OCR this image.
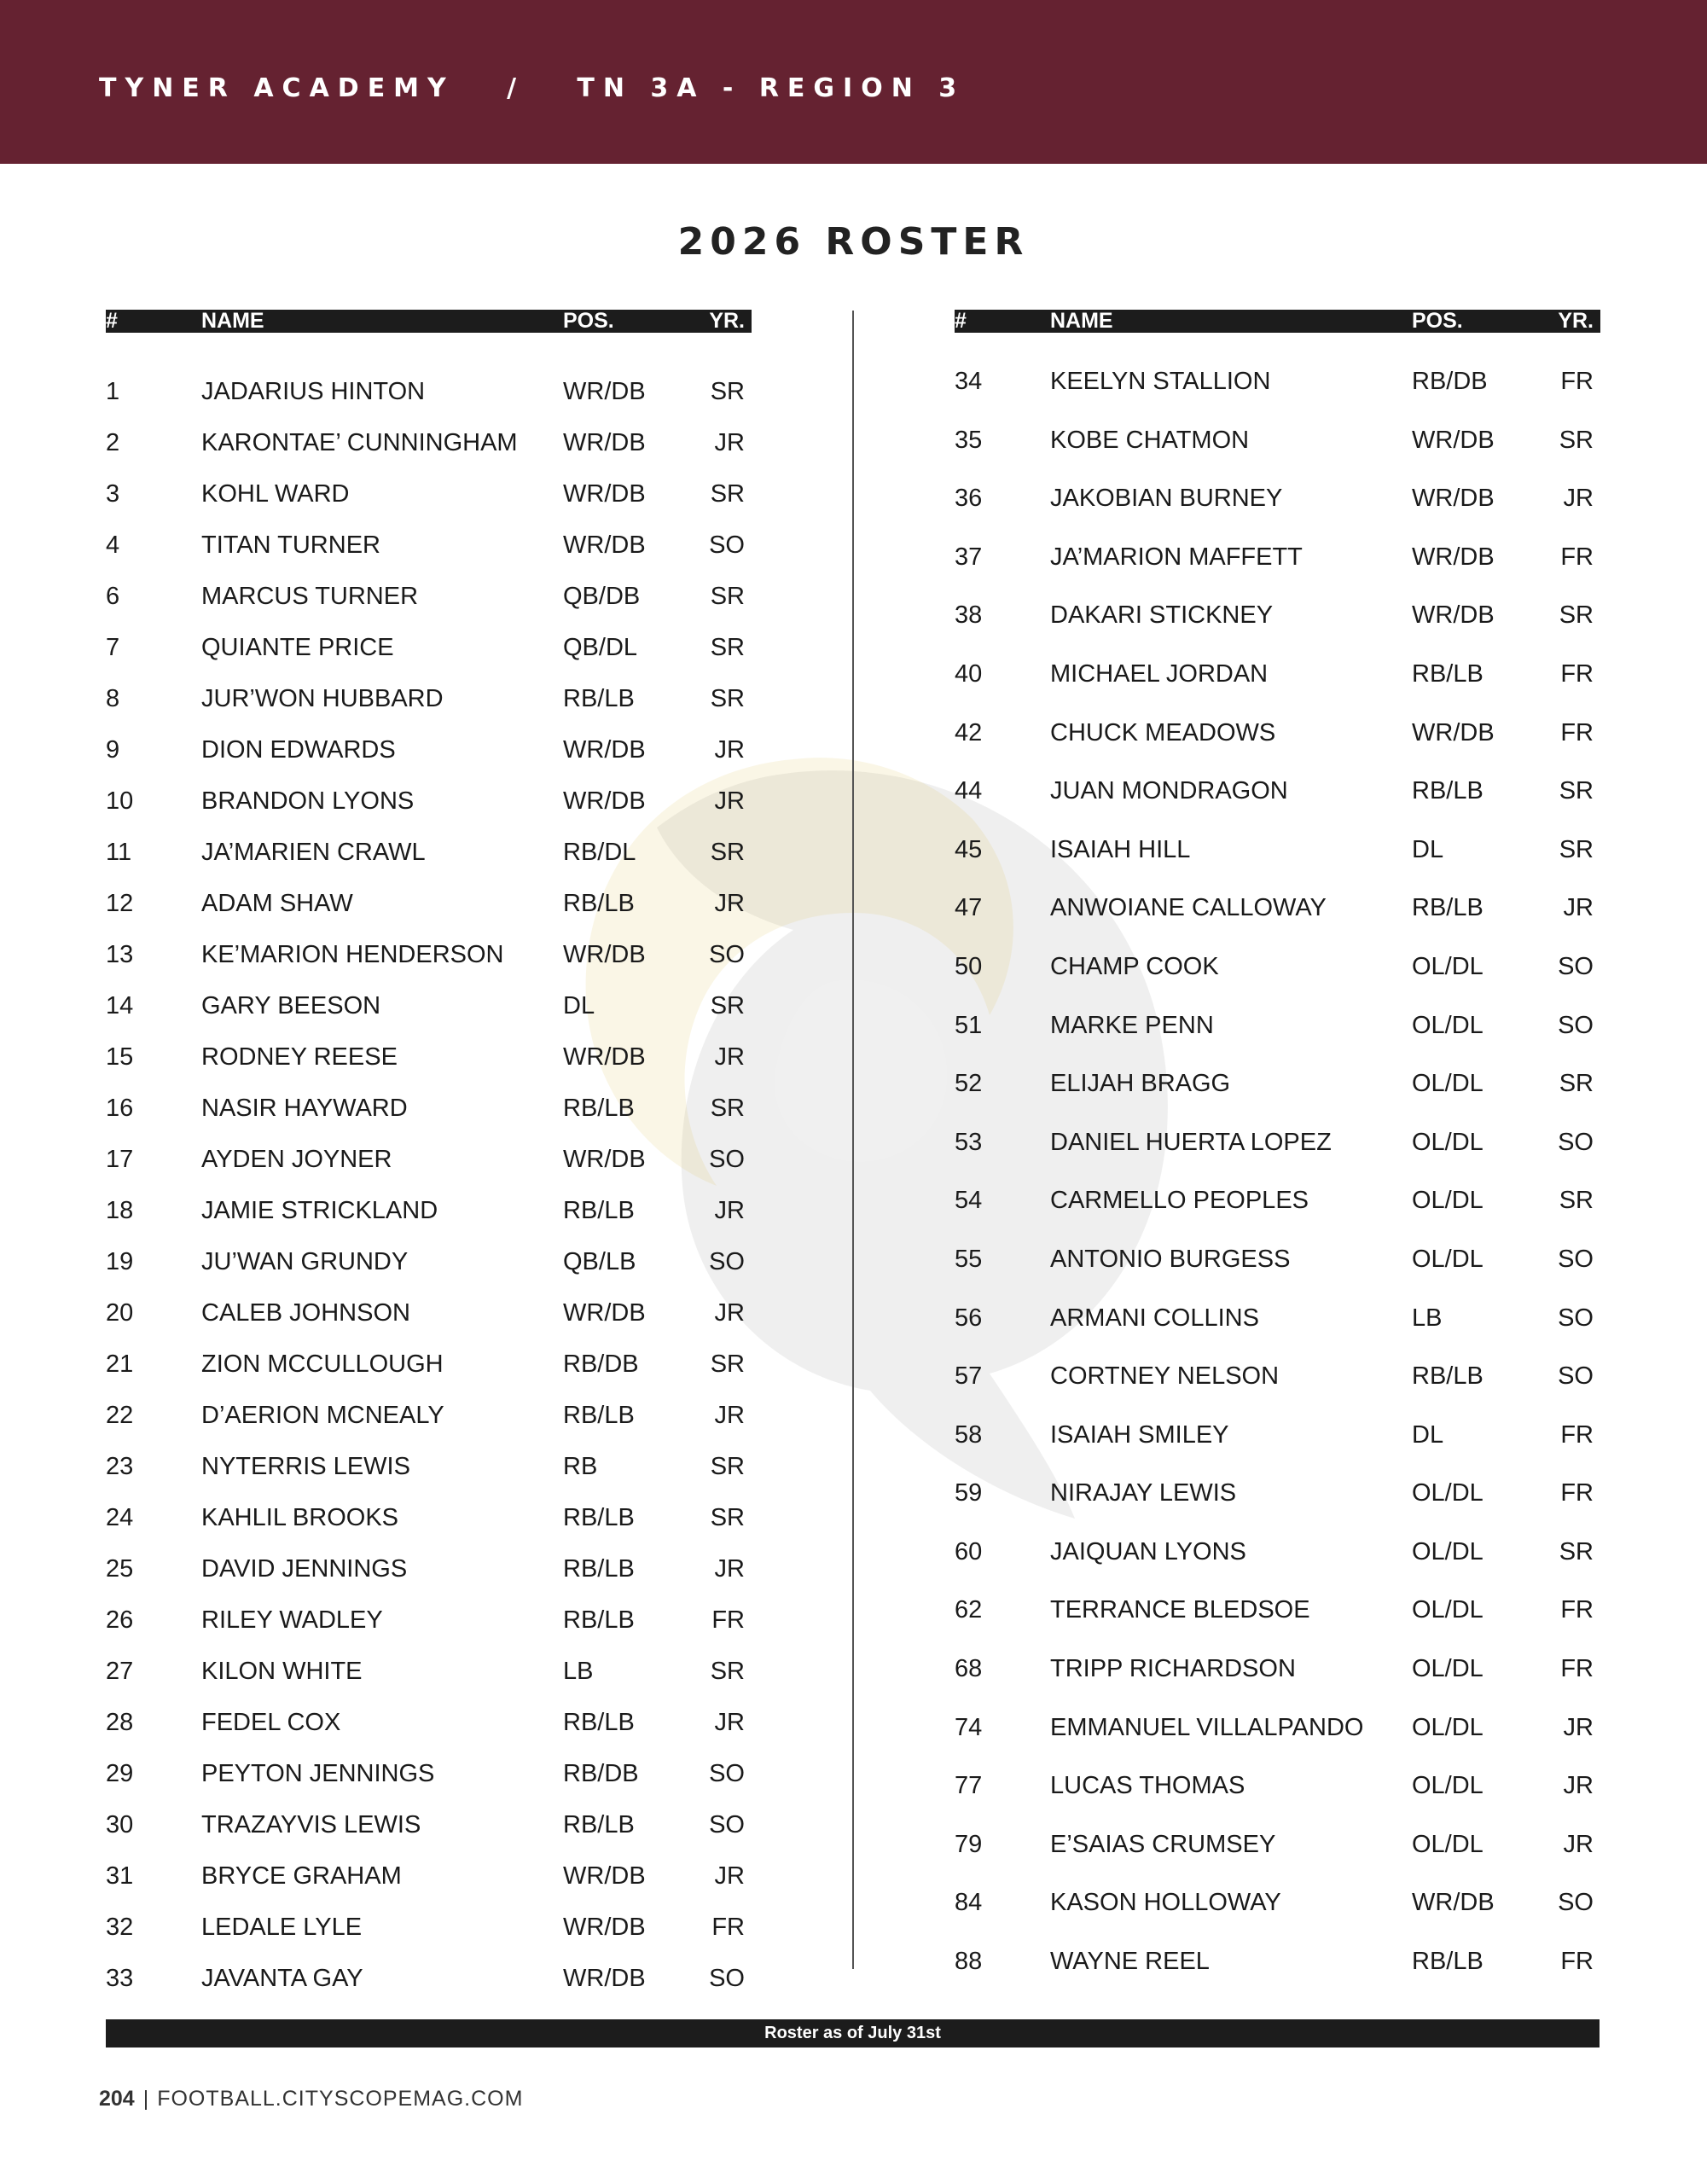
TYNER ACADEMY   /   TN 3A - REGION 3
2026 ROSTER
#	NAME	POS.	YR.
1	JADARIUS HINTON	WR/DB	SR
2	KARONTAE’ CUNNINGHAM WR/DB	JR
3	KOHL WARD	WR/DB	SR
4	TITAN TURNER	WR/DB	SO
6	MARCUS TURNER	QB/DB	SR
7	QUIANTE PRICE	QB/DL	SR
8	JUR’WON HUBBARD	RB/LB	SR
9	DION EDWARDS	WR/DB	JR
10	BRANDON LYONS	WR/DB	JR
11	JA’MARIEN CRAWL	RB/DL	SR
12	ADAM SHAW	RB/LB	JR
13	KE’MARION HENDERSON WR/DB	SO
14	GARY BEESON	DL	SR
15	RODNEY REESE	WR/DB	JR
16	NASIR HAYWARD	RB/LB	SR
17	AYDEN JOYNER	WR/DB	SO
18	JAMIE STRICKLAND	RB/LB	JR
19	JU’WAN GRUNDY	QB/LB	SO
20	CALEB JOHNSON	WR/DB	JR
21	ZION MCCULLOUGH	RB/DB	SR
22	D’AERION MCNEALY	RB/LB	JR
23	NYTERRIS LEWIS	RB	SR
24	KAHLIL BROOKS	RB/LB	SR
25	DAVID JENNINGS	RB/LB	JR
26	RILEY WADLEY	RB/LB	FR
27	KILON WHITE	LB	SR
28	FEDEL COX	RB/LB	JR
29	PEYTON JENNINGS	RB/DB	SO
30	TRAZAYVIS LEWIS	RB/LB	SO
31	BRYCE GRAHAM	WR/DB	JR
32	LEDALE LYLE	WR/DB	FR
33	JAVANTA GAY	WR/DB	SO
#	NAME	POS.	YR.
34	KEELYN STALLION	RB/DB	FR
35	KOBE CHATMON	WR/DB	SR
36	JAKOBIAN BURNEY	WR/DB	JR
37	JA’MARION MAFFETT	WR/DB	FR
38	DAKARI STICKNEY	WR/DB	SR
40	MICHAEL JORDAN	RB/LB	FR
42	CHUCK MEADOWS	WR/DB	FR
44	JUAN MONDRAGON	RB/LB	SR
45	ISAIAH HILL	DL	SR
47	ANWOIANE CALLOWAY	RB/LB	JR
50	CHAMP COOK	OL/DL	SO
51	MARKE PENN	OL/DL	SO
52	ELIJAH BRAGG	OL/DL	SR
53	DANIEL HUERTA LOPEZ	OL/DL	SO
54	CARMELLO PEOPLES	OL/DL	SR
55	ANTONIO BURGESS	OL/DL	SO
56	ARMANI COLLINS	LB	SO
57	CORTNEY NELSON	RB/LB	SO
58	ISAIAH SMILEY	DL	FR
59	NIRAJAY LEWIS	OL/DL	FR
60	JAIQUAN LYONS	OL/DL	SR
62	TERRANCE BLEDSOE	OL/DL	FR
68	TRIPP RICHARDSON	OL/DL	FR
74	EMMANUEL VILLALPANDO OL/DL	JR
77	LUCAS THOMAS	OL/DL	JR
79	E’SAIAS CRUMSEY	OL/DL	JR
84	KASON HOLLOWAY	WR/DB	SO
88	WAYNE REEL	RB/LB	FR
Roster as of July 31st
204 | FOOTBALL.CITYSCOPEMAG.COM
